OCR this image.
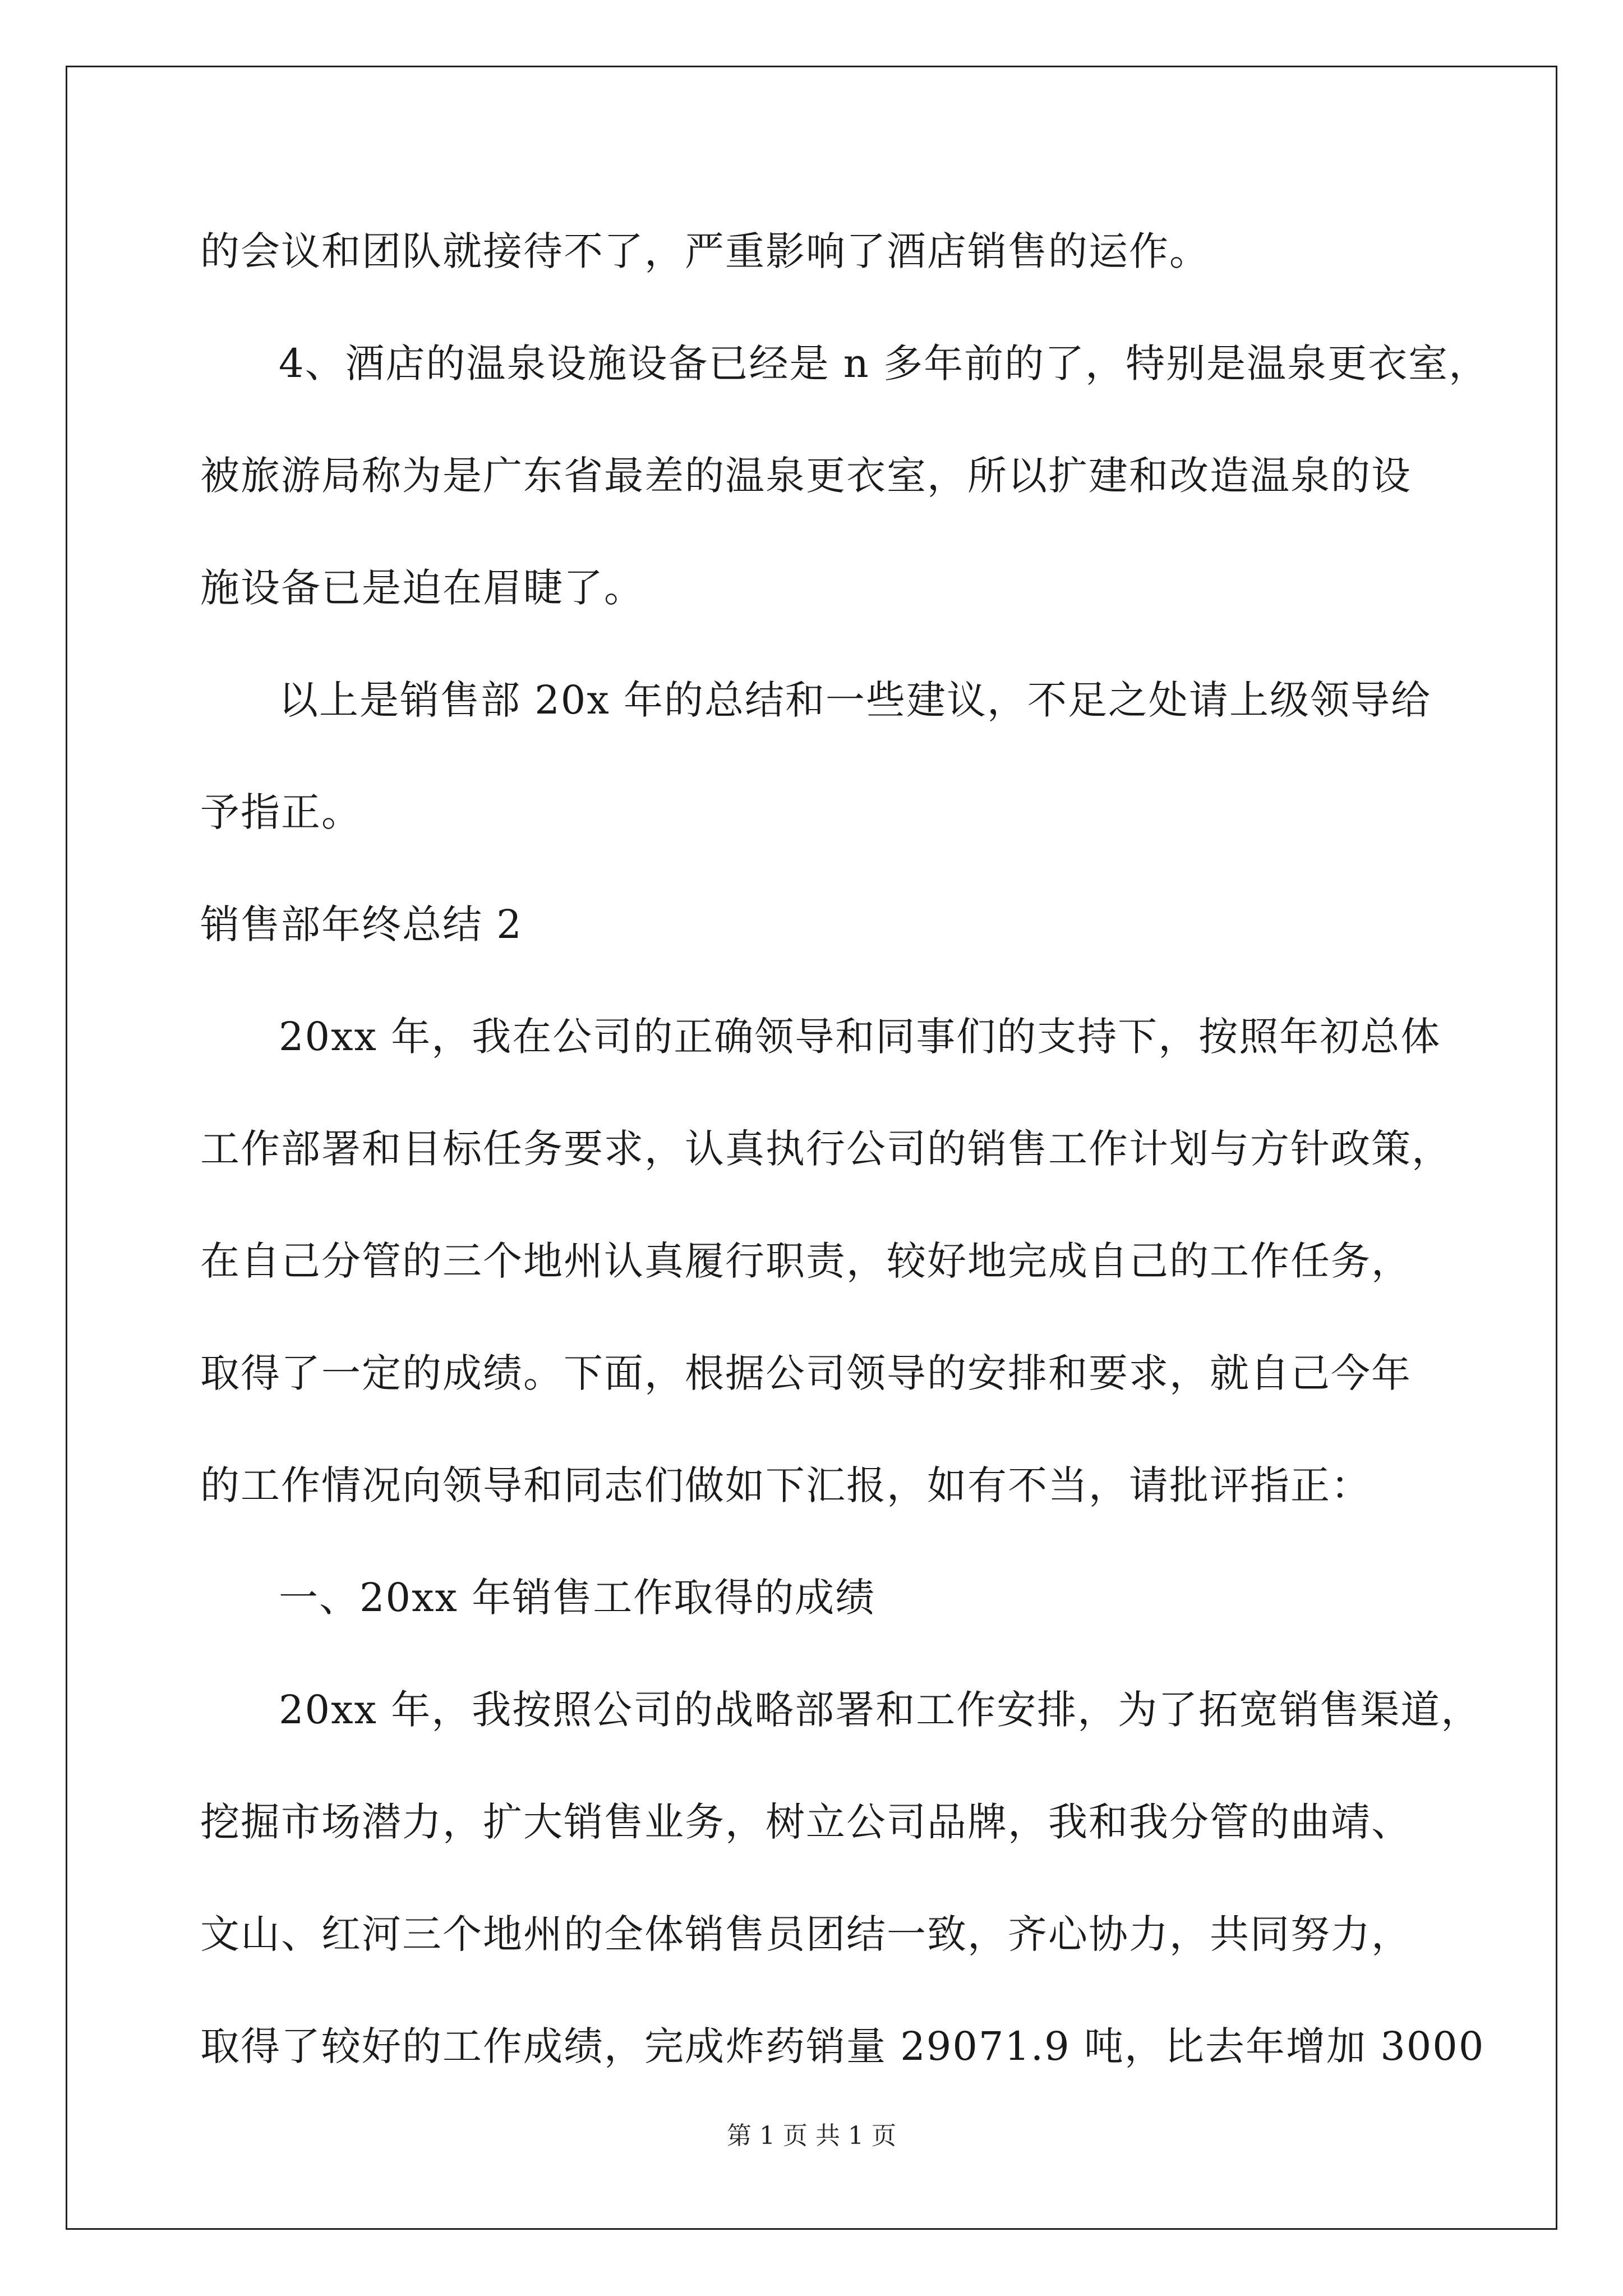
的会议和团队就接待不了，严重影响了酒店销售的运作。
4、酒店的温泉设施设备已经是 n 多年前的了，特别是温泉更衣室，
被旅游局称为是广东省最差的温泉更衣室，所以扩建和改造温泉的设
施设备已是迫在眉睫了。
以上是销售部 20x 年的总结和一些建议，不足之处请上级领导给
予指正。
销售部年终总结 2
20xx 年，我在公司的正确领导和同事们的支持下，按照年初总体
工作部署和目标任务要求，认真执行公司的销售工作计划与方针政策，
在自己分管的三个地州认真履行职责，较好地完成自己的工作任务，
取得了一定的成绩。下面，根据公司领导的安排和要求，就自己今年
的工作情况向领导和同志们做如下汇报，如有不当，请批评指正：
一、20xx 年销售工作取得的成绩
20xx 年，我按照公司的战略部署和工作安排，为了拓宽销售渠道，
挖掘市场潜力，扩大销售业务，树立公司品牌，我和我分管的曲靖、
文山、红河三个地州的全体销售员团结一致，齐心协力，共同努力，
取得了较好的工作成绩，完成炸药销量 29071.9 吨，比去年增加 3000
第 1 页 共 1 页
